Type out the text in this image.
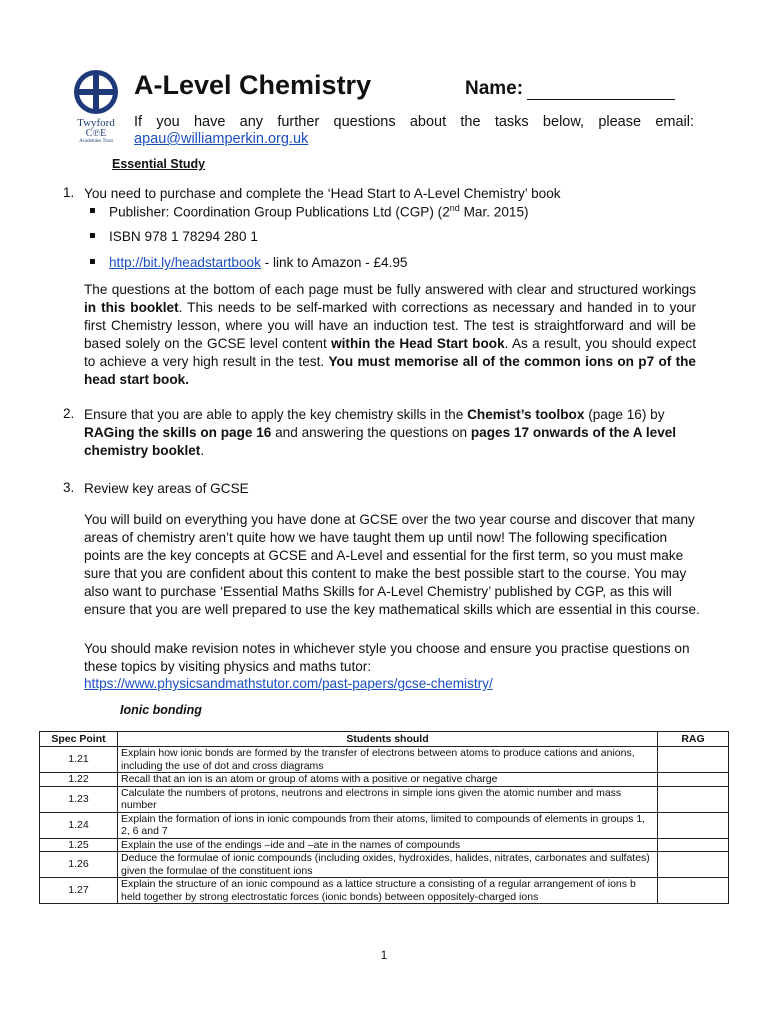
Twyford
C℗E
Academies Trust
A-Level Chemistry	Name:
If you have any further questions about the tasks below, please email:
apau@williamperkin.org.uk
Essential Study
1. You need to purchase and complete the ‘Head Start to A-Level Chemistry’ book
Publisher: Coordination Group Publications Ltd (CGP) (2nd Mar. 2015)
ISBN 978 1 78294 280 1
http://bit.ly/headstartbook - link to Amazon - £4.95
The questions at the bottom of each page must be fully answered with clear and structured workings in this booklet. This needs to be self-marked with corrections as necessary and handed in to your first Chemistry lesson, where you will have an induction test. The test is straightforward and will be based solely on the GCSE level content within the Head Start book. As a result, you should expect to achieve a very high result in the test. You must memorise all of the common ions on p7 of the head start book.
2. Ensure that you are able to apply the key chemistry skills in the Chemist’s toolbox (page 16) by RAGing the skills on page 16 and answering the questions on pages 17 onwards of the A level chemistry booklet.
3. Review key areas of GCSE
You will build on everything you have done at GCSE over the two year course and discover that many areas of chemistry aren’t quite how we have taught them up until now! The following specification points are the key concepts at GCSE and A-Level and essential for the first term, so you must make sure that you are confident about this content to make the best possible start to the course. You may also want to purchase ‘Essential Maths Skills for A-Level Chemistry’ published by CGP, as this will ensure that you are well prepared to use the key mathematical skills which are essential in this course.
You should make revision notes in whichever style you choose and ensure you practise questions on these topics by visiting physics and maths tutor:
https://www.physicsandmathstutor.com/past-papers/gcse-chemistry/
Ionic bonding
Spec Point	Students should	RAG
1.21	Explain how ionic bonds are formed by the transfer of electrons between atoms to produce cations and anions, including the use of dot and cross diagrams	
1.22	Recall that an ion is an atom or group of atoms with a positive or negative charge	
1.23	Calculate the numbers of protons, neutrons and electrons in simple ions given the atomic number and mass number	
1.24	Explain the formation of ions in ionic compounds from their atoms, limited to compounds of elements in groups 1, 2, 6 and 7	
1.25	Explain the use of the endings –ide and –ate in the names of compounds	
1.26	Deduce the formulae of ionic compounds (including oxides, hydroxides, halides, nitrates, carbonates and sulfates) given the formulae of the constituent ions	
1.27	Explain the structure of an ionic compound as a lattice structure a consisting of a regular arrangement of ions b held together by strong electrostatic forces (ionic bonds) between oppositely-charged ions	
1
